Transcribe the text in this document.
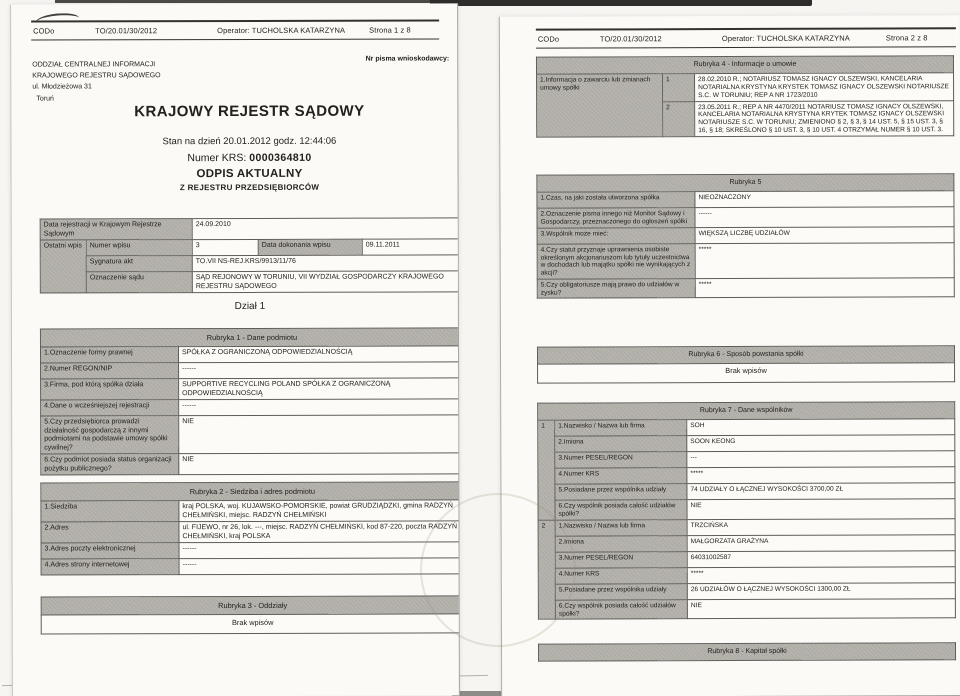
CODo	TO/20.01/30/2012	Operator: TUCHOLSKA KATARZYNA	Strona 1 z 8
Nr pisma wnioskodawcy:
ODDZIAŁ CENTRALNEJ INFORMACJI
KRAJOWEGO REJESTRU SĄDOWEGO
ul. Młodzieżowa 31
Toruń
KRAJOWY REJESTR SĄDOWY
Stan na dzień 20.01.2012 godz. 12:44:06
Numer KRS: 0000364810
ODPIS AKTUALNY
Z REJESTRU PRZEDSIĘBIORCÓW
Data rejestracji w Krajowym Rejestrze Sądowym		24.09.2010		
Ostatni wpis	Numer wpisu	3	Data dokonania wpisu	09.11.2011
	Sygnatura akt	TO.VII NS-REJ.KRS/9913/11/76		
	Oznaczenie sądu	SĄD REJONOWY W TORUNIU, VII WYDZIAŁ GOSPODARCZY KRAJOWEGO REJESTRU SĄDOWEGO		
Dział 1
Rubryka 1 - Dane podmiotu	
1.Oznaczenie formy prawnej	SPÓŁKA Z OGRANICZONĄ ODPOWIEDZIALNOŚCIĄ
2.Numer REGON/NIP	------
3.Firma, pod którą spółka działa	SUPPORTIVE RECYCLING POLAND SPÓŁKA Z OGRANICZONĄ ODPOWIEDZIALNOŚCIĄ
4.Dane o wcześniejszej rejestracji	------
5.Czy przedsiębiorca prowadzi działalność gospodarczą z innymi podmiotami na podstawie umowy spółki cywilnej?	NIE
6.Czy podmiot posiada status organizacji pożytku publicznego?	NIE
Rubryka 2 - Siedziba i adres podmiotu	
1.Siedziba	kraj POLSKA, woj. KUJAWSKO-POMORSKIE, powiat GRUDZIĄDZKI, gmina RADZYŃ CHEŁMIŃSKI, miejsc. RADZYŃ CHEŁMIŃSKI
2.Adres	ul. FIJEWO, nr 26, lok. ---, miejsc. RADZYŃ CHEŁMIŃSKI, kod 87-220, poczta RADZYŃ CHEŁMIŃSKI, kraj POLSKA
3.Adres poczty elektronicznej	------
4.Adres strony internetowej	------
Rubryka 3 - Oddziały
Brak wpisów
CODo	TO/20.01/30/2012	Operator: TUCHOLSKA KATARZYNA	Strona 2 z 8
Rubryka 4 - Informacje o umowie		
1.Informacja o zawarciu lub zmianach umowy spółki	1	28.02.2010 R.; NOTARIUSZ TOMASZ IGNACY OLSZEWSKI, KANCELARIA NOTARIALNA KRYSTYNA KRYSTEK TOMASZ IGNACY OLSZEWSKI NOTARIUSZE S.C. W TORUNIU; REP A NR 1723/2010
	2	23.05.2011 R.; REP A NR 4470/2011 NOTARIUSZ TOMASZ IGNACY OLSZEWSKI, KANCELARIA NOTARIALNA KRYSTYNA KRYTEK TOMASZ IGNACY OLSZEWSKI NOTARIUSZE S.C. W TORUNIU; ZMIENIONO § 2, § 3, § 14 UST. 5, § 15 UST. 3, § 16, § 18; SKREŚLONO § 10 UST. 3, § 10 UST. 4 OTRZYMAŁ NUMER § 10 UST. 3.
Rubryka 5	
1.Czas, na jaki została utworzona spółka	NIEOZNACZONY
2.Oznaczenie pisma innego niż Monitor Sądowy i Gospodarczy, przeznaczonego do ogłoszeń spółki	------
3.Wspólnik może mieć:	WIĘKSZĄ LICZBĘ UDZIAŁÓW
4.Czy statut przyznaje uprawnienia osobiste określonym akcjonariuszom lub tytuły uczestnictwa w dochodach lub majątku spółki nie wynikających z akcji?	*****
5.Czy obligatoriusze mają prawo do udziałów w zysku?	*****
Rubryka 6 - Sposób powstania spółki
Brak wpisów
Rubryka 7 - Dane wspólników		
1	1.Nazwisko / Nazwa lub firma	SOH
	2.Imiona	SOON KEONG
	3.Numer PESEL/REGON	---
	4.Numer KRS	*****
	5.Posiadane przez wspólnika udziały	74 UDZIAŁY O ŁĄCZNEJ WYSOKOŚCI 3700,00 ZŁ
	6.Czy wspólnik posiada całość udziałów spółki?	NIE
2	1.Nazwisko / Nazwa lub firma	TRZCIŃSKA
	2.Imiona	MAŁGORZATA GRAŻYNA
	3.Numer PESEL/REGON	64031002587
	4.Numer KRS	*****
	5.Posiadane przez wspólnika udziały	26 UDZIAŁÓW O ŁĄCZNEJ WYSOKOŚCI 1300,00 ZŁ
	6.Czy wspólnik posiada całość udziałów spółki?	NIE
Rubryka 8 - Kapitał spółki
